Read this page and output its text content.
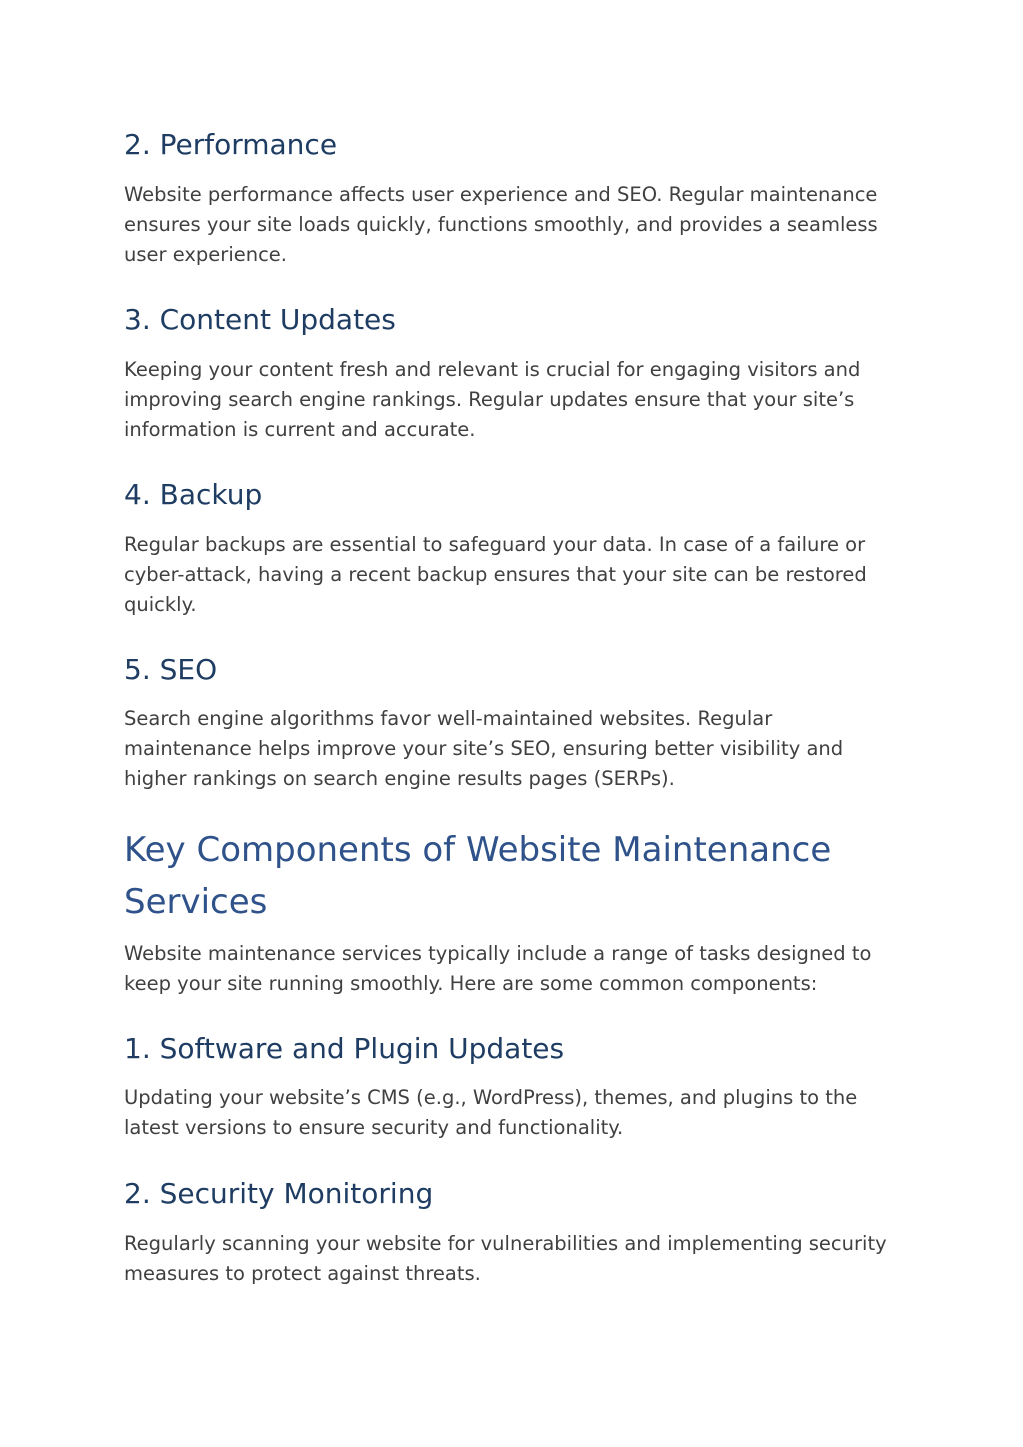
2. Performance

Website performance affects user experience and SEO. Regular maintenance ensures your site loads quickly, functions smoothly, and provides a seamless user experience.

3. Content Updates

Keeping your content fresh and relevant is crucial for engaging visitors and improving search engine rankings. Regular updates ensure that your site’s information is current and accurate.

4. Backup

Regular backups are essential to safeguard your data. In case of a failure or cyber-attack, having a recent backup ensures that your site can be restored quickly.

5. SEO

Search engine algorithms favor well-maintained websites. Regular maintenance helps improve your site’s SEO, ensuring better visibility and higher rankings on search engine results pages (SERPs).

Key Components of Website Maintenance Services

Website maintenance services typically include a range of tasks designed to keep your site running smoothly. Here are some common components:

1. Software and Plugin Updates

Updating your website’s CMS (e.g., WordPress), themes, and plugins to the latest versions to ensure security and functionality.

2. Security Monitoring

Regularly scanning your website for vulnerabilities and implementing security measures to protect against threats.
